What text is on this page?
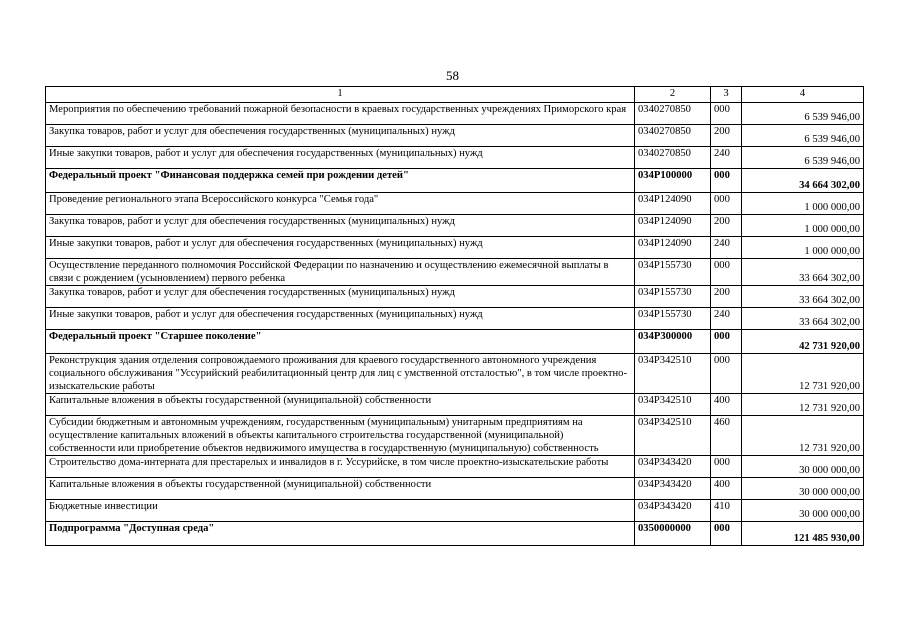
58
1	2	3	4
Мероприятия по обеспечению требований пожарной безопасности в краевых государственных учреждениях Приморского края	0340270850	000	6 539 946,00
Закупка товаров, работ и услуг для обеспечения государственных (муниципальных) нужд	0340270850	200	6 539 946,00
Иные закупки товаров, работ и услуг для обеспечения государственных (муниципальных) нужд	0340270850	240	6 539 946,00
Федеральный проект "Финансовая поддержка семей при рождении детей"	034P100000	000	34 664 302,00
Проведение регионального этапа Всероссийского конкурса "Семья года"	034P124090	000	1 000 000,00
Закупка товаров, работ и услуг для обеспечения государственных (муниципальных) нужд	034P124090	200	1 000 000,00
Иные закупки товаров, работ и услуг для обеспечения государственных (муниципальных) нужд	034P124090	240	1 000 000,00
Осуществление переданного полномочия Российской Федерации по назначению и осуществлению ежемесячной выплаты в связи с рождением (усыновлением) первого ребенка	034P155730	000	33 664 302,00
Закупка товаров, работ и услуг для обеспечения государственных (муниципальных) нужд	034P155730	200	33 664 302,00
Иные закупки товаров, работ и услуг для обеспечения государственных (муниципальных) нужд	034P155730	240	33 664 302,00
Федеральный проект "Старшее поколение"	034P300000	000	42 731 920,00
Реконструкция здания отделения сопровождаемого проживания для краевого государственного автономного учреждения социального обслуживания "Уссурийский реабилитационный центр для лиц с умственной отсталостью", в том числе проектно-изыскательские работы	034P342510	000	12 731 920,00
Капитальные вложения в объекты государственной (муниципальной) собственности	034P342510	400	12 731 920,00
Субсидии бюджетным и автономным учреждениям, государственным (муниципальным) унитарным предприятиям на осуществление капитальных вложений в объекты капитального строительства государственной (муниципальной) собственности или приобретение объектов недвижимого имущества в государственную (муниципальную) собственность	034P342510	460	12 731 920,00
Строительство дома-интерната для престарелых и инвалидов в г. Уссурийске, в том числе проектно-изыскательские работы	034P343420	000	30 000 000,00
Капитальные вложения в объекты государственной (муниципальной) собственности	034P343420	400	30 000 000,00
Бюджетные инвестиции	034P343420	410	30 000 000,00
Подпрограмма "Доступная среда"	0350000000	000	121 485 930,00
